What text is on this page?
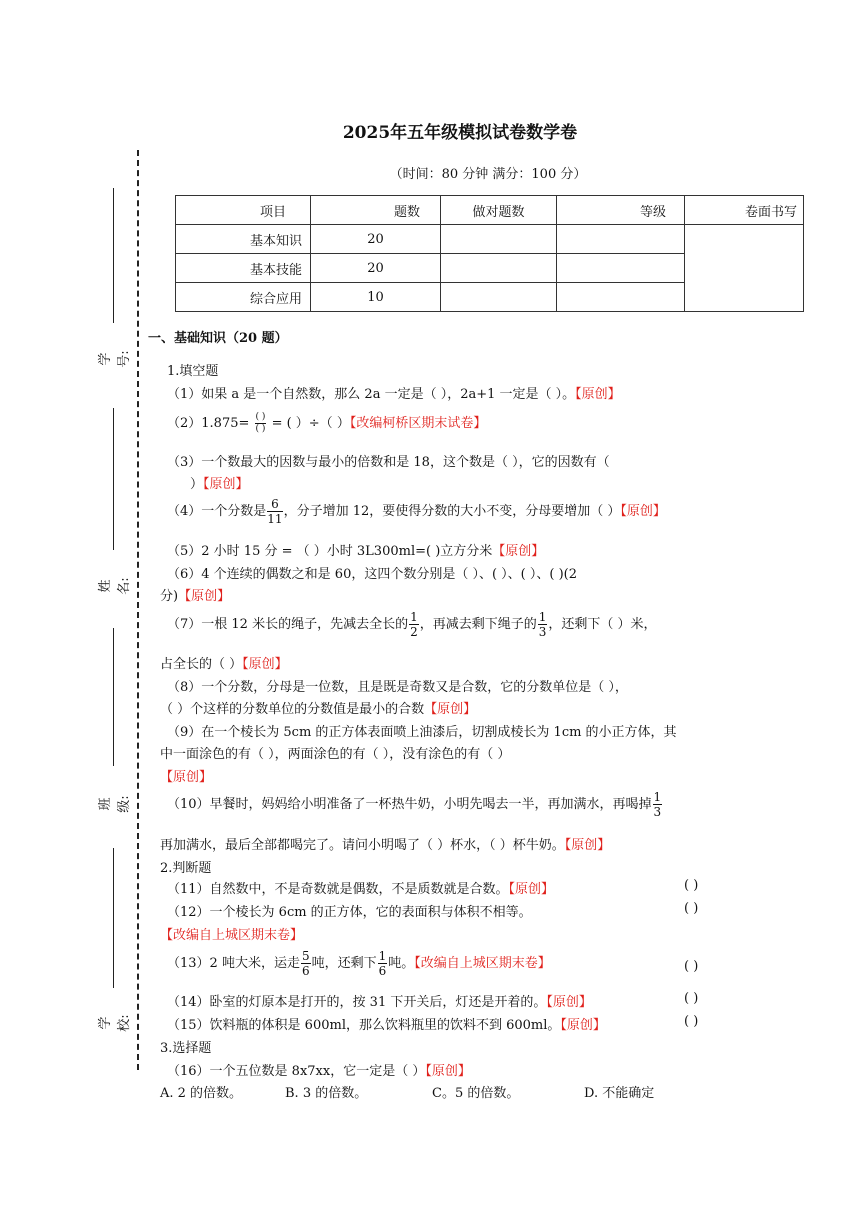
学号:
姓名:
班级:
学校:
2025年五年级模拟试卷数学卷
（时间：80 分钟 满分：100 分）
项目	题数	做对题数	等级	卷面书写
基本知识	20			
基本技能	20			
综合应用	10			
一、基础知识（20 题）
1.填空题
（1）如果 a 是一个自然数，那么 2a 一定是（ ），2a+1 一定是（ ）。【原创】
$(2)1.875= \frac{( )}{( )}$ = ( ）÷（ ）【改编柯桥区期末试卷】
（3）一个数最大的因数与最小的倍数和是 18，这个数是（ ），它的因数有（
）【原创】
（4）一个分数是 $\frac{6}{11}$ ，分子增加 12，要使得分数的大小不变，分母要增加（ ）【原创】
（5）2 小时 15 分 = （ ）小时 3L300ml=( )立方分米【原创】
（6）4 个连续的偶数之和是 60，这四个数分别是（ ）、( ）、( ）、( )(2
分)【原创】
（7）一根 12 米长的绳子，先减去全长的 $\frac{1}{2}$ ，再减去剩下绳子的 $\frac{1}{3}$ ，还剩下（ ）米，
占全长的（ ）【原创】
（8）一个分数，分母是一位数，且是既是奇数又是合数，它的分数单位是（ ），
（ ）个这样的分数单位的分数值是最小的合数【原创】
（9）在一个棱长为 5cm 的正方体表面喷上油漆后，切割成棱长为 1cm 的小正方体，其
中一面涂色的有（ ），两面涂色的有（ ），没有涂色的有（ ）
【原创】
（10）早餐时，妈妈给小明准备了一杯热牛奶，小明先喝去一半，再加满水，再喝掉 $\frac{1}{3}$
再加满水，最后全部都喝完了。请问小明喝了（ ）杯水，（ ）杯牛奶。【原创】
2.判断题
（11）自然数中，不是奇数就是偶数，不是质数就是合数。【原创】	( )
（12）一个棱长为 6cm 的正方体，它的表面积与体积不相等。	( )
【改编自上城区期末卷】
（13）2 吨大米，运走 $\frac{5}{6}$ 吨，还剩下 $\frac{1}{6}$ 吨。【改编自上城区期末卷】	( )
（14）卧室的灯原本是打开的，按 31 下开关后，灯还是开着的。【原创】	( )
（15）饮料瓶的体积是 600ml，那么饮料瓶里的饮料不到 600ml。【原创】	( )
3.选择题
（16）一个五位数是 8x7xx，它一定是（ ）【原创】
A. 2 的倍数。	B. 3 的倍数。	C。5 的倍数。	D. 不能确定
